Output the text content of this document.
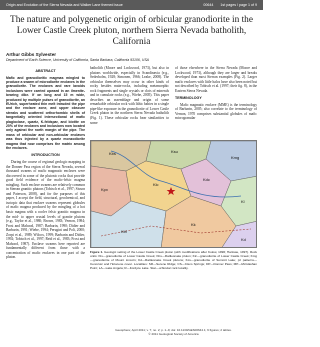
Origin and Evolution of the Sierra Nevada and Walker Lane themed issue	00644 1st pages / page 1 of 9
The nature and polygenetic origin of orbicular granodiorite in the Lower Castle Creek pluton, northern Sierra Nevada batholith, California
Arthur Gibbs Sylvester
Department of Earth Science, University of California, Santa Barbara, California 93106, USA
ABSTRACT

Mafic and granodioritic magmas mingled to produce a swarm of microdiorite enclaves in the granodiorite. The enclaves and rare lavoids inclusions were carried upward in an ilmenite-bearing dike. If on long and 15 m wide, produced by multiple pulses of granodiorite, an EUrich, superheated thin melt intruded the pipe and the enclave zone, and upper obscure streaks and scattered orthorhombic shells of tangentially oriented intersectional of mafic plagioclase, quartz, K-feldspar, and biotite on 20% of the enclaves and inclusions now located only against the north margin of the pipe. The mass of orbicular and non-orbicular enclaves was thus injected by a quartz monzodiorite magma that now comprises the matrix among the enclaves.

INTRODUCTION

During the course of regional geologic mapping in the Donner Pass region of the Sierra Nevada, several thousand swarms of mafic magmatic enclaves were discovered in some of the plutonic rocks that provide good field evidence of the mafic-felsic magma mingling. Such enclave swarms are relatively common in Sierran granitic plutons (Tobisch et al., 1997; Sisson and Paterson, 2008), and for the purposes of this paper, I accept the field, structural, geochemical, and isotopic data that enclave swarms represent globules of mafic magma produced by the mingling of a hot basic magma with a cooler felsic granitic magma in the mid- to upper crustal levels of granite plutons (e.g., Taylor et al., 1980; Brown, 1983; Vernon, 1984; Frost and Mahood, 1987; Barbarin, 1990; Didier and Barbarin, 1991; Wiebe, 1994; Perugini and Poli, 2000; Zorpi et al., 1989; Wilcox, 1999; Barbarin and Didier, 1992; Tobisch et al., 1997; Reid et al., 1983; Frost and Mahood, 1987). Enclave swarms here reported are fundamentally different from those with a concentration of mafic enclaves in one part of the pluton.

batholith (Moore and Lockwood, 1973), but also in plutons worldwide, especially in Scandinavia (e.g., Sederholm, 1928; Simonen, 1966; Leake, 2008). The orbicular themselves may occur in other kinds of rocky besides main-rocks, including metamorphic rock fragments and single crystals or clots of minerals and in cumulate rocks (e.g., Wiebe, 2005). This paper describes an assemblage and origin of some remarkable orbicular rock with lithic babies in a single pipe-like exposure in the granodiorite of Lower Castle Creek pluton in the northern Sierra Nevada batholith (Fig. 1). These orbicular rocks bear similarities to some

of those elsewhere in the Sierra Nevada (Moore and Lockwood, 1973), although they are larger and breaks developed than most Sierran examples (Fig. 2). Larger mafic enclaves with little halos have also been noted but not described by Tobisch et al. (1997; their fig. 8), in the Eastern Sierra Nevada.

TERMINOLOGY

Mafic magmatic enclave (MME) is the terminology of Barbarin, 2005; also correlate to the terminology of Vernon, 1970 comprises substantial globules of mafic microgranular

Kbs	Ksu
Klc
Kdc
Kpx
Kbl
Kk
Kmg
Kl
Kd
Figure 1. Geologic setting of the Lower Castle Creek pluton (with modifications after Kulow, 1996; Harlowe, 1997). Rock units: Kls—granodiorite of Lower Castle Creek; Kbs—Rattlesnake pluton; Klc—granodiorite of Lower Castle Creek; Kmg—granodiorite of Mount Lincoln; Kd—Rattlesnake Creek plutons; Kcs—granodiorite of Summit Lake; pz patterns—Cenozoic and Holocene cover. Localities: SR—Serene Ridge; CS—Cisco Springs; DP—Donner Pass; MP—McGlashan Point; LA—Lake Angela; R—Fordyce Lake. Star—orbicular rock locality.
Geosphere; April 2011; v. 7; no. 2; p. 1–9; doi: 10.1130/GES00644.1; 9 figures; 2 tables.
© 2011 Geological Society of America
